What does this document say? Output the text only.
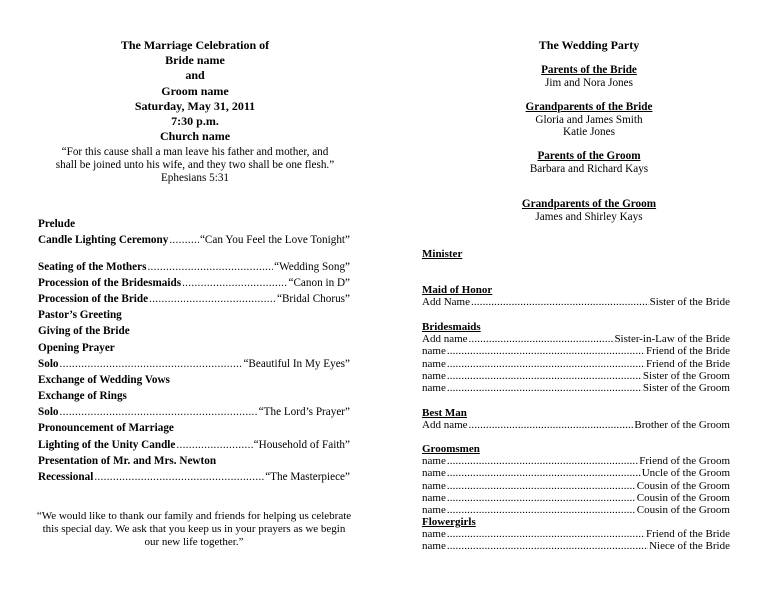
The Marriage Celebration of
Bride name
and
Groom name
Saturday, May 31, 2011
7:30 p.m.
Church name
“For this cause shall a man leave his father and mother, and
shall be joined unto his wife, and they two shall be one flesh.”
Ephesians 5:31
Prelude
Candle Lighting Ceremony .....	“Can You Feel the Love Tonight”
Seating of the Mothers .....	“Wedding Song”
Procession of the Bridesmaids .....	“Canon in D”
Procession of the Bride .....	“Bridal Chorus”
Pastor’s Greeting
Giving of the Bride
Opening Prayer
Solo .....	“Beautiful In My Eyes”
Exchange of Wedding Vows
Exchange of Rings
Solo .....	“The Lord’s Prayer”
Pronouncement of Marriage
Lighting of the Unity Candle .....	“Household of Faith”
Presentation of Mr. and Mrs. Newton
Recessional .....	“The Masterpiece”
“We would like to thank our family and friends for helping us celebrate
this special day. We ask that you keep us in your prayers as we begin
our new life together.”
The Wedding Party
Parents of the Bride
Jim and Nora Jones
Grandparents of the Bride
Gloria and James Smith
Katie Jones
Parents of the Groom
Barbara and Richard Kays
Grandparents of the Groom
James and Shirley Kays
Minister
Maid of Honor
Add Name .....	Sister of the Bride
Bridesmaids
Add name .....	Sister-in-Law of the Bride
name .....	Friend of the Bride
name .....	Friend of the Bride
name .....	Sister of the Groom
name .....	Sister of the Groom
Best Man
Add name .....	Brother of the Groom
Groomsmen
name .....	Friend of the Groom
name .....	Uncle of the Groom
name .....	Cousin of the Groom
name .....	Cousin of the Groom
name .....	Cousin of the Groom
Flowergirls
name .....	Friend of the Bride
name .....	Niece of the Bride
